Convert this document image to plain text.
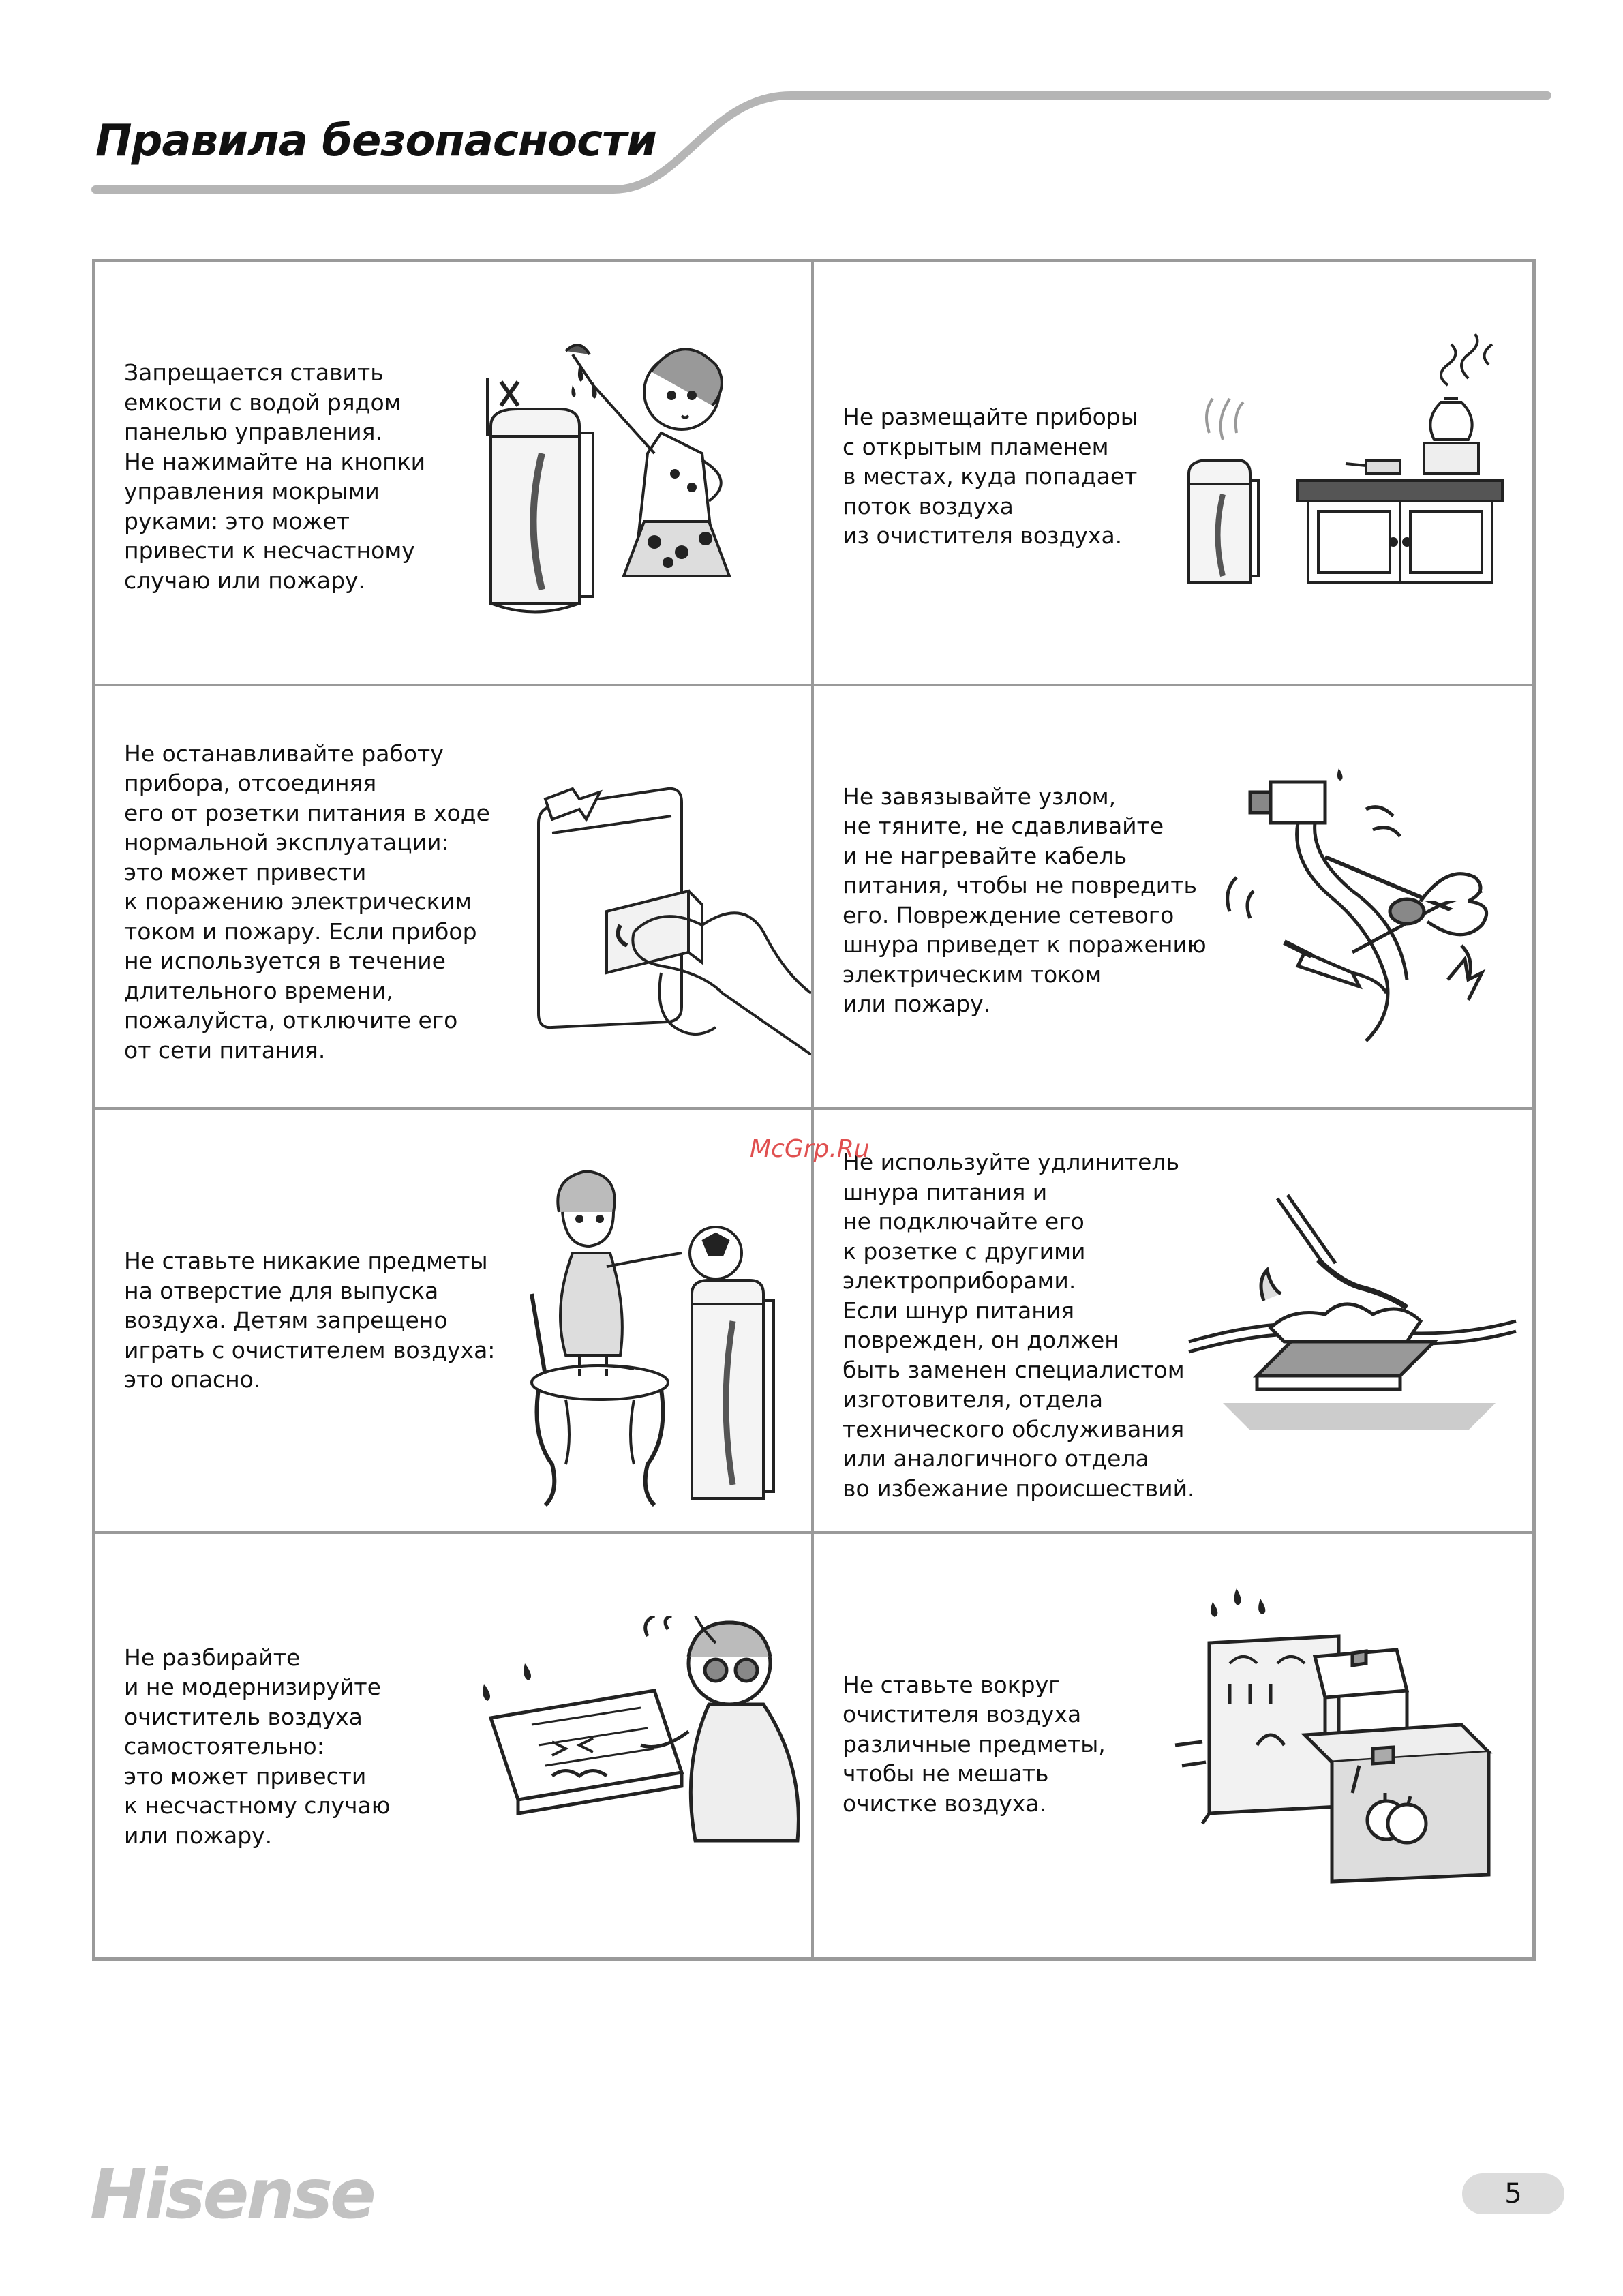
Правила безопасности

Запрещается ставить
емкости с водой рядом
панелью управления.
Не нажимайте на кнопки
управления мокрыми
руками: это может
привести к несчастному
случаю или пожару.

Не размещайте приборы
с открытым пламенем
в местах, куда попадает
поток воздуха
из очистителя воздуха.

Не останавливайте работу
прибора, отсоединяя
его от розетки питания в ходе
нормальной эксплуатации:
это может привести
к поражению электрическим
током и пожару. Если прибор
не используется в течение
длительного времени,
пожалуйста, отключите его
от сети питания.

Не завязывайте узлом,
не тяните, не сдавливайте
и не нагревайте кабель
питания, чтобы не повредить
его. Повреждение сетевого
шнура приведет к поражению
электрическим током
или пожару.

Не ставьте никакие предметы
на отверстие для выпуска
воздуха. Детям запрещено
играть с очистителем воздуха:
это опасно.

Не используйте удлинитель
шнура питания и
не подключайте его
к розетке с другими
электроприборами.
Если шнур питания
поврежден, он должен
быть заменен специалистом
изготовителя, отдела
технического обслуживания
или аналогичного отдела
во избежание происшествий.

Не разбирайте
и не модернизируйте
очиститель воздуха
самостоятельно:
это может привести
к несчастному случаю
или пожару.

Не ставьте вокруг
очистителя воздуха
различные предметы,
чтобы не мешать
очистке воздуха.

McGrp.Ru

Hisense	5
